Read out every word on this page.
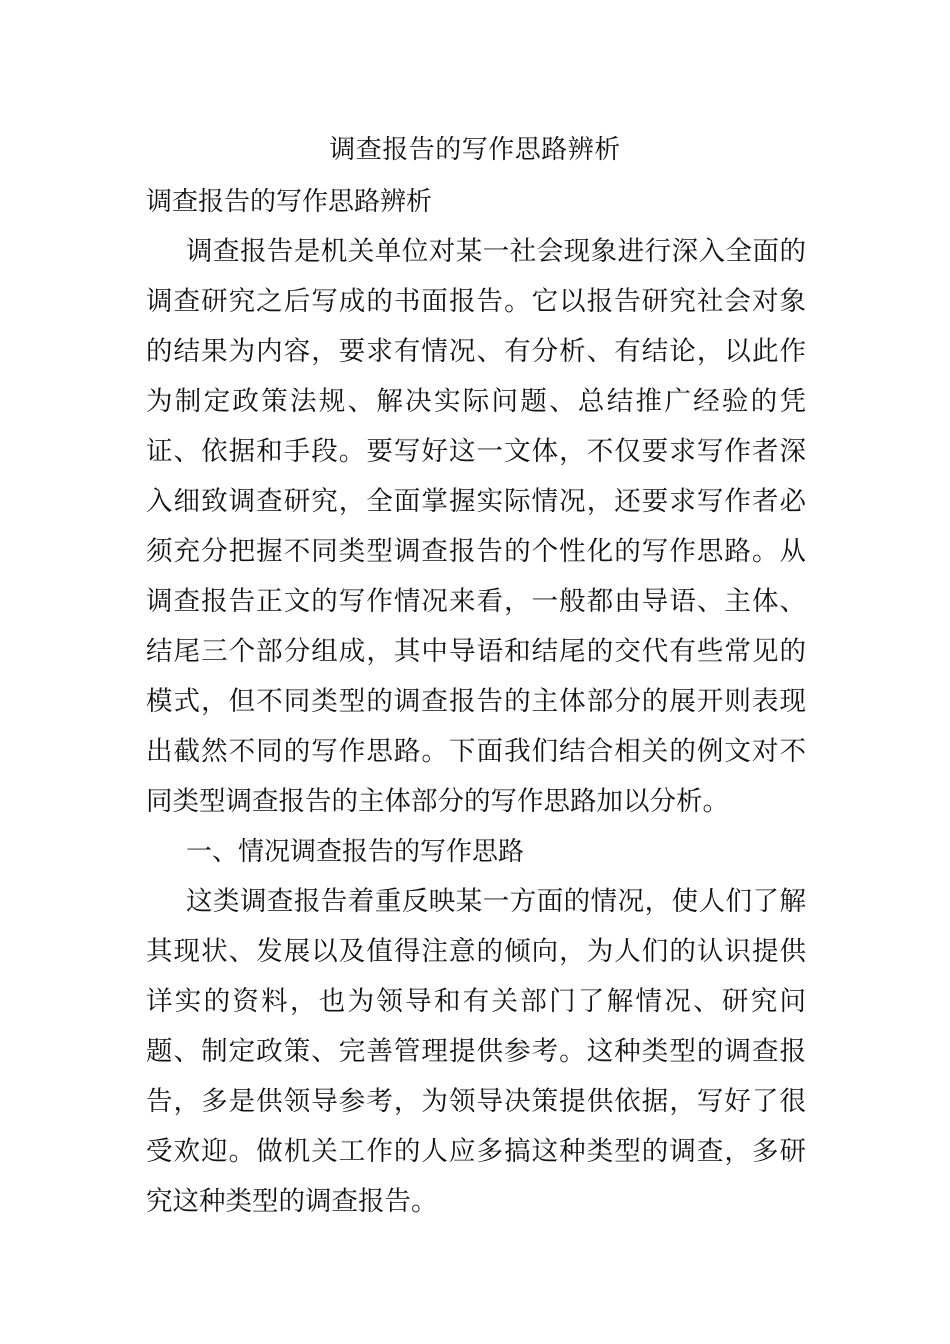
调查报告的写作思路辨析

调查报告的写作思路辨析

调查报告是机关单位对某一社会现象进行深入全面的调查研究之后写成的书面报告。它以报告研究社会对象的结果为内容，要求有情况、有分析、有结论，以此作为制定政策法规、解决实际问题、总结推广经验的凭证、依据和手段。要写好这一文体，不仅要求写作者深入细致调查研究，全面掌握实际情况，还要求写作者必须充分把握不同类型调查报告的个性化的写作思路。从调查报告正文的写作情况来看，一般都由导语、主体、结尾三个部分组成，其中导语和结尾的交代有些常见的模式，但不同类型的调查报告的主体部分的展开则表现出截然不同的写作思路。下面我们结合相关的例文对不同类型调查报告的主体部分的写作思路加以分析。

一、情况调查报告的写作思路

这类调查报告着重反映某一方面的情况，使人们了解其现状、发展以及值得注意的倾向，为人们的认识提供详实的资料，也为领导和有关部门了解情况、研究问题、制定政策、完善管理提供参考。这种类型的调查报告，多是供领导参考，为领导决策提供依据，写好了很受欢迎。做机关工作的人应多搞这种类型的调查，多研究这种类型的调查报告。
